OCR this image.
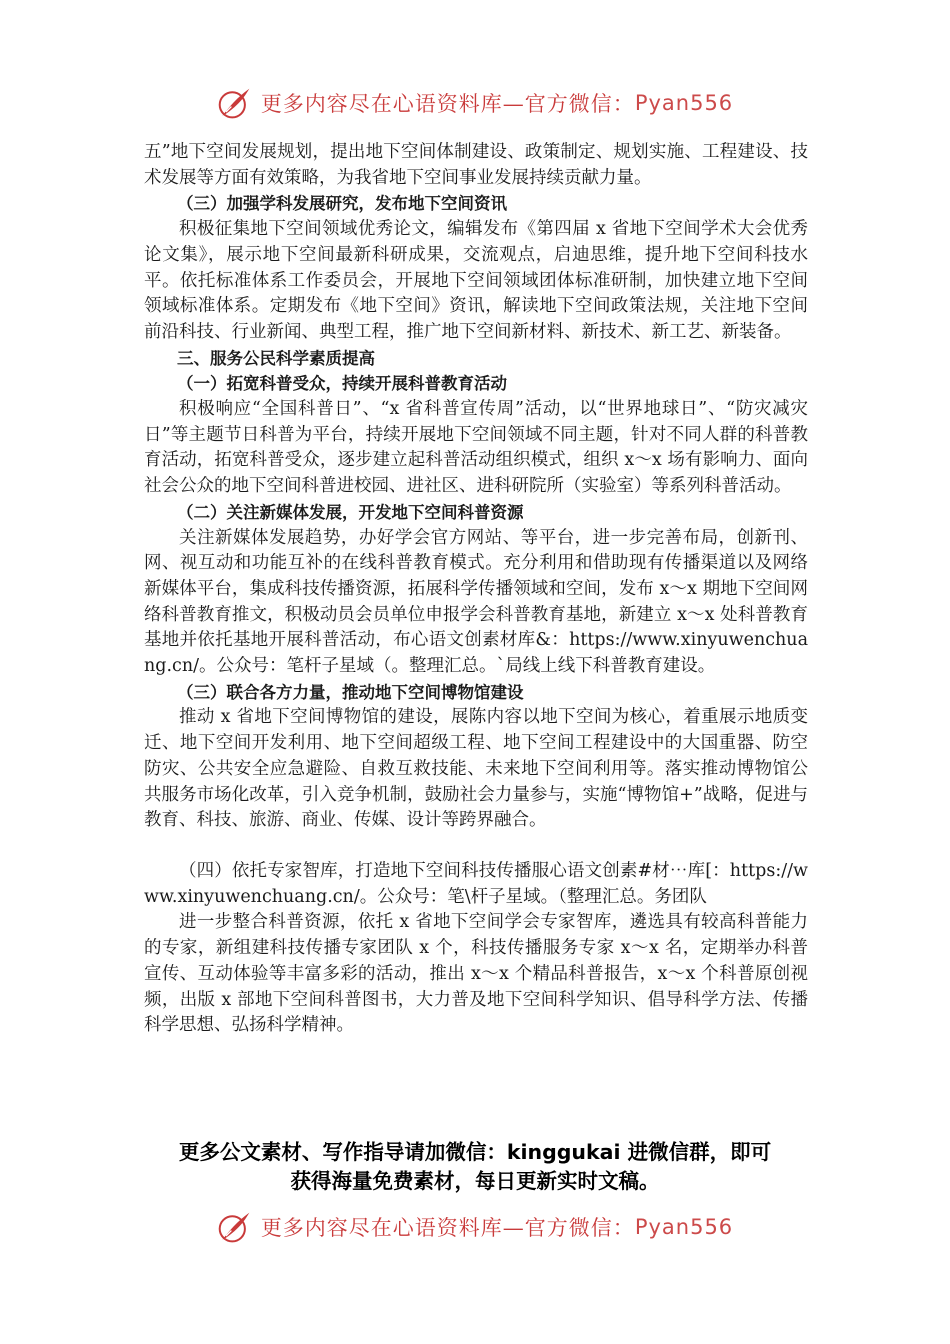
更多内容尽在心语资料库—官方微信： Pyan556

五”地下空间发展规划，提出地下空间体制建设、政策制定、规划实施、工程建设、技术发展等方面有效策略，为我省地下空间事业发展持续贡献力量。

（三）加强学科发展研究，发布地下空间资讯

积极征集地下空间领域优秀论文，编辑发布《第四届 x 省地下空间学术大会优秀论文集》，展示地下空间最新科研成果，交流观点，启迪思维，提升地下空间科技水平。依托标准体系工作委员会，开展地下空间领域团体标准研制，加快建立地下空间领域标准体系。定期发布《地下空间》资讯，解读地下空间政策法规，关注地下空间前沿科技、行业新闻、典型工程，推广地下空间新材料、新技术、新工艺、新装备。

三、服务公民科学素质提高

（一）拓宽科普受众，持续开展科普教育活动

积极响应“全国科普日”、“x 省科普宣传周”活动，以“世界地球日”、“防灾减灾日”等主题节日科普为平台，持续开展地下空间领域不同主题，针对不同人群的科普教育活动，拓宽科普受众，逐步建立起科普活动组织模式，组织 x～x 场有影响力、面向社会公众的地下空间科普进校园、进社区、进科研院所（实验室）等系列科普活动。

（二）关注新媒体发展，开发地下空间科普资源

关注新媒体发展趋势，办好学会官方网站、等平台，进一步完善布局，创新刊、网、视互动和功能互补的在线科普教育模式。充分利用和借助现有传播渠道以及网络新媒体平台，集成科技传播资源，拓展科学传播领域和空间，发布 x～x 期地下空间网络科普教育推文，积极动员会员单位申报学会科普教育基地，新建立 x～x 处科普教育基地并依托基地开展科普活动，布心语文创素材库&：https://www.xinyuwenchuang.cn/。公众号：笔杆子星域（。整理汇总。`局线上线下科普教育建设。

（三）联合各方力量，推动地下空间博物馆建设

推动 x 省地下空间博物馆的建设，展陈内容以地下空间为核心，着重展示地质变迁、地下空间开发利用、地下空间超级工程、地下空间工程建设中的大国重器、防空防灾、公共安全应急避险、自救互救技能、未来地下空间利用等。落实推动博物馆公共服务市场化改革，引入竞争机制，鼓励社会力量参与，实施“博物馆+”战略，促进与教育、科技、旅游、商业、传媒、设计等跨界融合。

（四）依托专家智库，打造地下空间科技传播服心语文创素#材⋯库[：https://www.xinyuwenchuang.cn/。公众号：笔\杆子星域。（整理汇总。务团队

进一步整合科普资源，依托 x 省地下空间学会专家智库，遴选具有较高科普能力的专家，新组建科技传播专家团队 x 个，科技传播服务专家 x～x 名，定期举办科普宣传、互动体验等丰富多彩的活动，推出 x～x 个精品科普报告，x～x 个科普原创视频，出版 x 部地下空间科普图书，大力普及地下空间科学知识、倡导科学方法、传播科学思想、弘扬科学精神。

更多公文素材、写作指导请加微信：kinggukai 进微信群，即可
获得海量免费素材，每日更新实时文稿。
更多内容尽在心语资料库—官方微信： Pyan556
